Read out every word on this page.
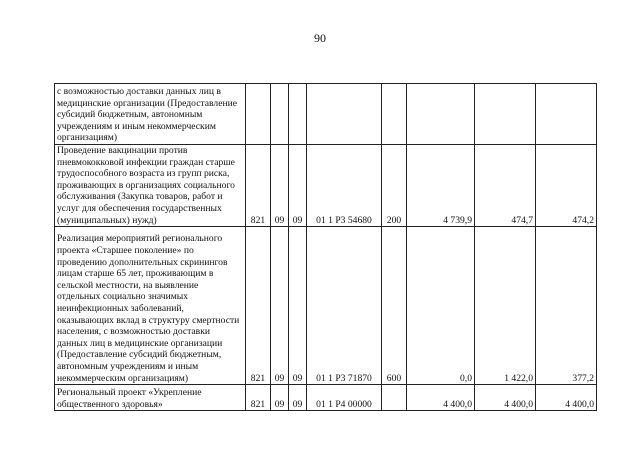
90
с возможностью доставки данных лиц в медицинские организации (Предоставление субсидий бюджетным, автономным учреждениям и иным некоммерческим организациям)								
Проведение вакцинации против пневмококковой инфекции граждан старше трудоспособного возраста из групп риска, проживающих в организациях социального обслуживания (Закупка товаров, работ и услуг для обеспечения государственных (муниципальных) нужд)	821	09	09	01 1 Р3 54680	200	4 739,9	474,7	474,2
Реализация мероприятий регионального проекта «Старшее поколение» по проведению дополнительных скринингов лицам старше 65 лет, проживающим в сельской местности, на выявление отдельных социально значимых неинфекционных заболеваний, оказывающих вклад в структуру смертности населения, с возможностью доставки данных лиц в медицинские организации (Предоставление субсидий бюджетным, автономным учреждениям и иным некоммерческим организациям)	821	09	09	01 1 Р3 71870	600	0,0	1 422,0	377,2
Региональный проект «Укрепление общественного здоровья»	821	09	09	01 1 Р4 00000		4 400,0	4 400,0	4 400,0
